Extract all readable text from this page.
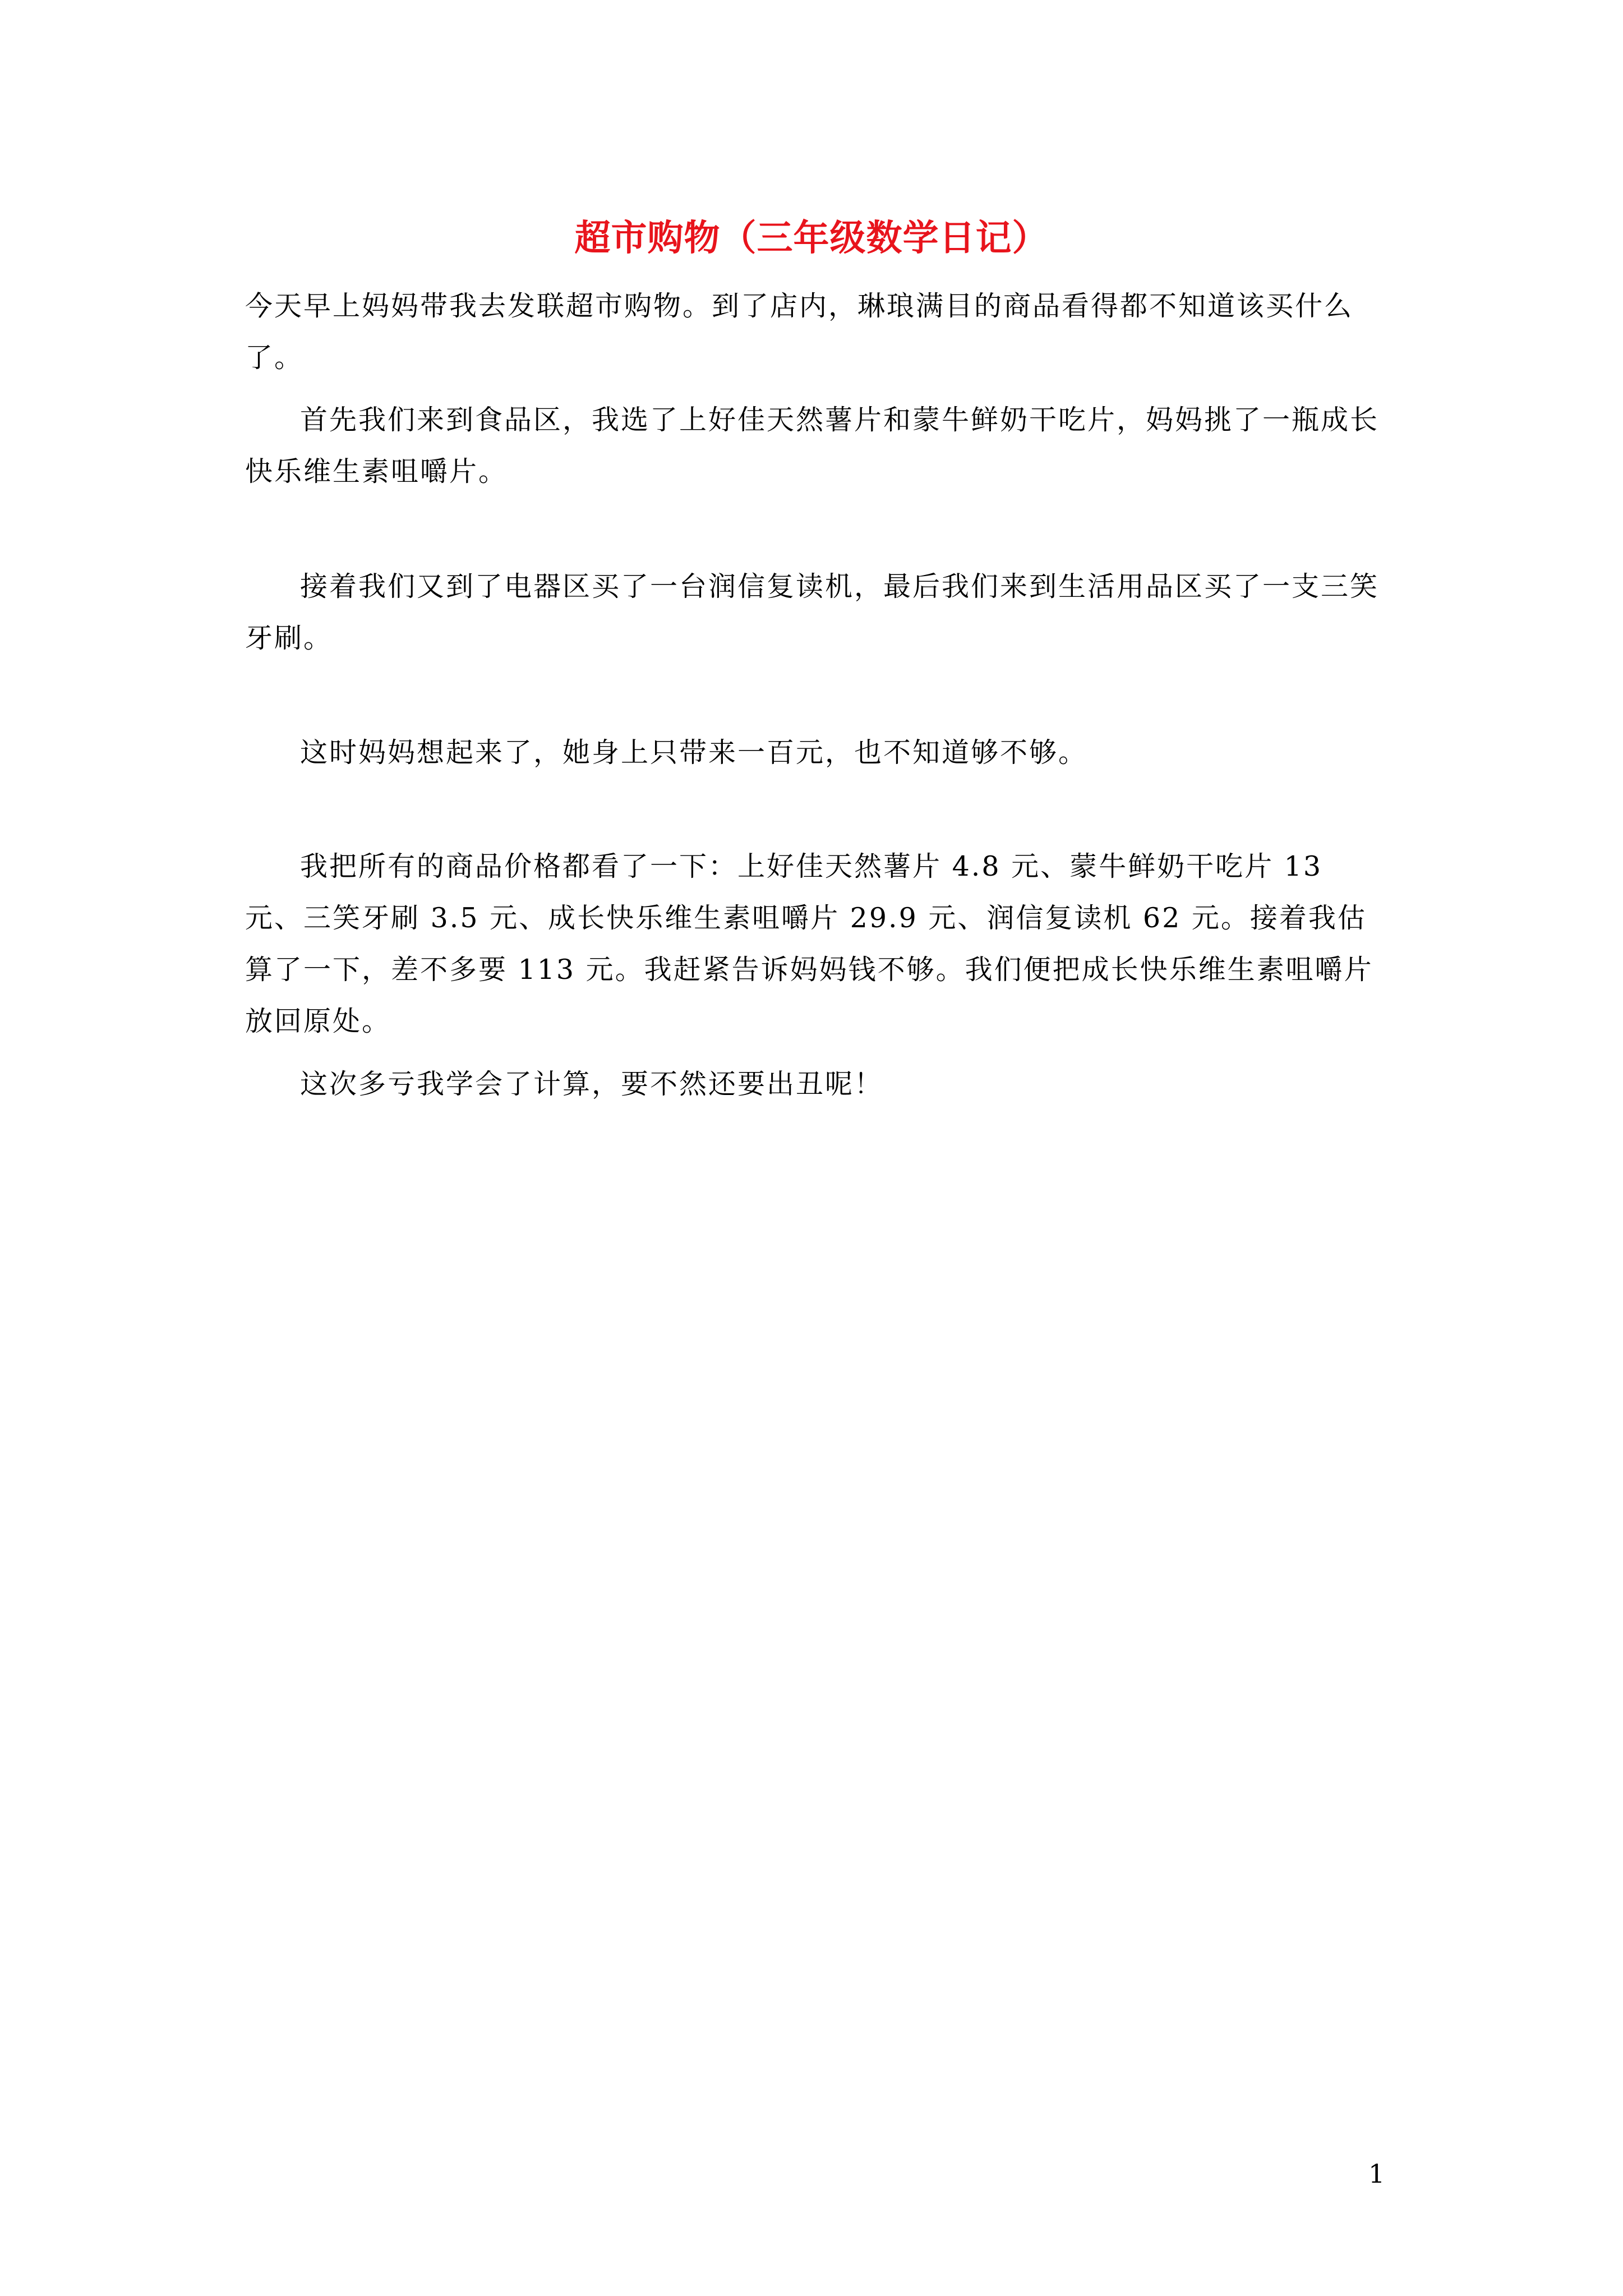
超市购物（三年级数学日记）

今天早上妈妈带我去发联超市购物。到了店内，琳琅满目的商品看得都不知道该买什么了。

首先我们来到食品区，我选了上好佳天然薯片和蒙牛鲜奶干吃片，妈妈挑了一瓶成长快乐维生素咀嚼片。

接着我们又到了电器区买了一台润信复读机，最后我们来到生活用品区买了一支三笑牙刷。

这时妈妈想起来了，她身上只带来一百元，也不知道够不够。

我把所有的商品价格都看了一下：上好佳天然薯片 4.8 元、蒙牛鲜奶干吃片 13 元、三笑牙刷 3.5 元、成长快乐维生素咀嚼片 29.9 元、润信复读机 62 元。接着我估算了一下，差不多要 113 元。我赶紧告诉妈妈钱不够。我们便把成长快乐维生素咀嚼片放回原处。

这次多亏我学会了计算，要不然还要出丑呢！

1
